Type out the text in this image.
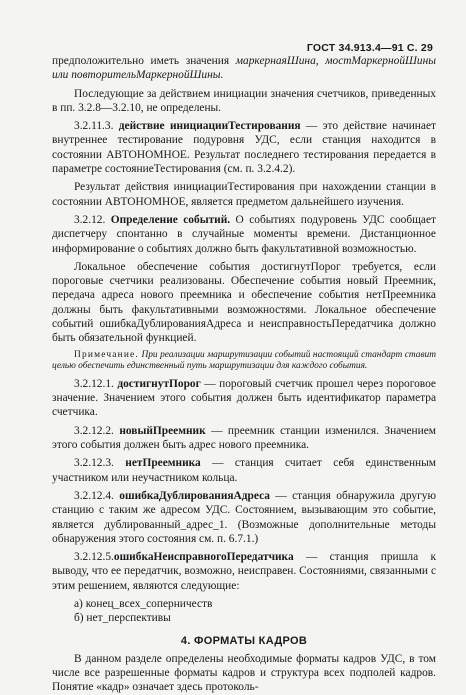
ГОСТ 34.913.4—91 С. 29
предположительно иметь значения маркернаяШина, мостМаркернойШины или повторительМаркернойШины.
Последующие за действием инициации значения счетчиков, приведенных в пп. 3.2.8—3.2.10, не определены.
3.2.11.3. действие инициацииТестирования — это действие начинает внутреннее тестирование подуровня УДС, если станция находится в состоянии АВТОНОМНОЕ. Результат последнего тестирования передается в параметре состояниеТестирования (см. п. 3.2.4.2).
Результат действия инициацииТестирования при нахождении станции в состоянии АВТОНОМНОЕ, является предметом дальнейшего изучения.
3.2.12. Определение событий. О событиях подуровень УДС сообщает диспетчеру спонтанно в случайные моменты времени. Дистанционное информирование о событиях должно быть факультативной возможностью.
Локальное обеспечение события достигнутПорог требуется, если пороговые счетчики реализованы. Обеспечение события новый Преемник, передача адреса нового преемника и обеспечение события нетПреемника должны быть факультативными возможностями. Локальное обеспечение событий ошибкаДублированияАдреса и неисправностьПередатчика должно быть обязательной функцией.
Примечание. При реализации маршрутизации событий настоящий стандарт ставит целью обеспечить единственный путь маршрутизации для каждого события.
3.2.12.1. достигнутПорог — пороговый счетчик прошел через пороговое значение. Значением этого события должен быть идентификатор параметра счетчика.
3.2.12.2. новыйПреемник — преемник станции изменился. Значением этого события должен быть адрес нового преемника.
3.2.12.3. нетПреемника — станция считает себя единственным участником или неучастником кольца.
3.2.12.4. ошибкаДублированияАдреса — станция обнаружила другую станцию с таким же адресом УДС. Состоянием, вызывающим это событие, является дублированный_адрес_1. (Возможные дополнительные методы обнаружения этого состояния см. п. 6.7.1.)
3.2.12.5.ошибкаНеисправногоПередатчика — станция пришла к выводу, что ее передатчик, возможно, неисправен. Состояниями, связанными с этим решением, являются следующие:
а) конец_всех_соперничеств
б) нет_перспективы
4. ФОРМАТЫ КАДРОВ
В данном разделе определены необходимые форматы кадров УДС, в том числе все разрешенные форматы кадров и структура всех подполей кадров. Понятие «кадр» означает здесь протоколь-
